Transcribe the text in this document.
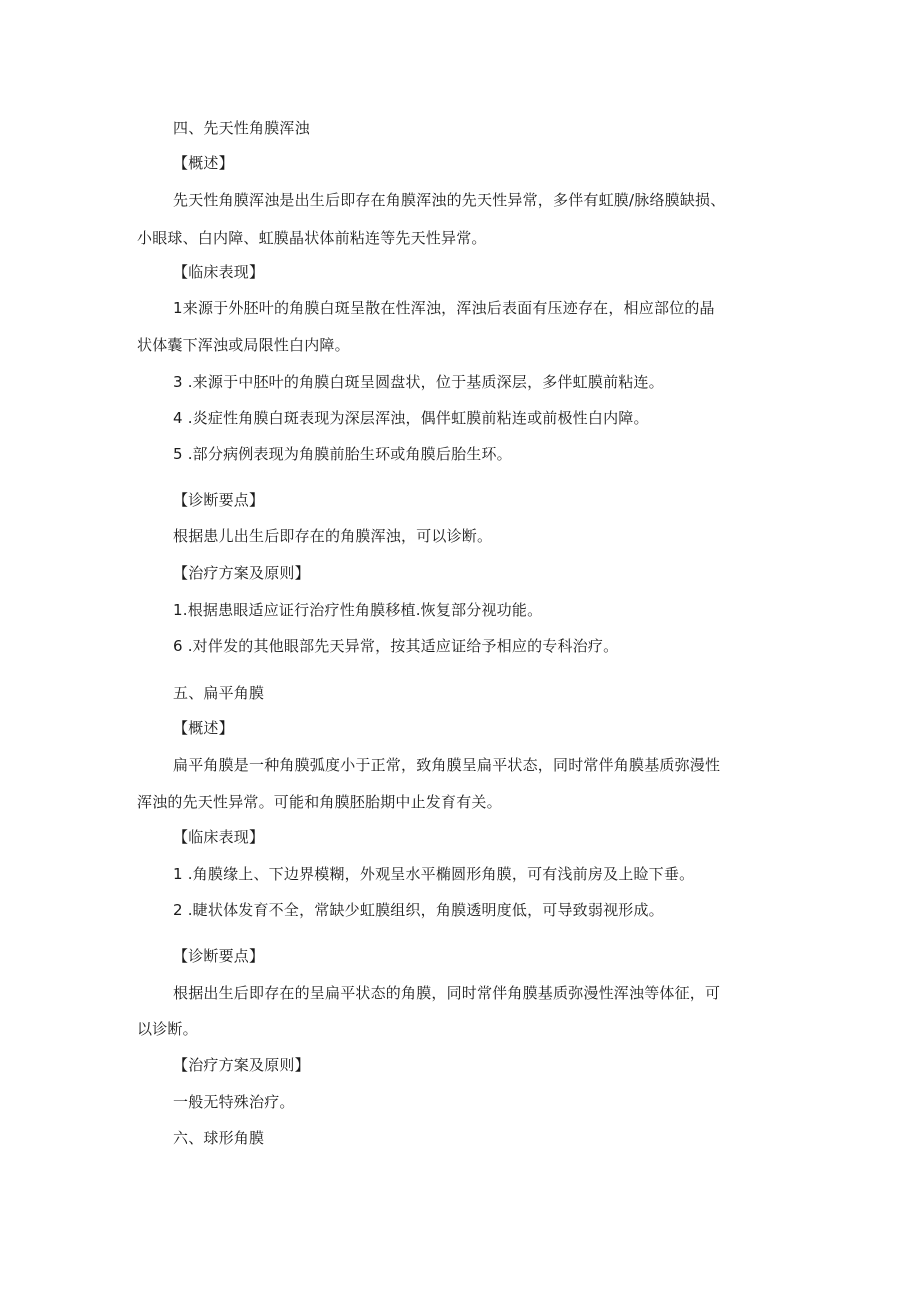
四、先天性角膜浑浊

【概述】

先天性角膜浑浊是出生后即存在角膜浑浊的先天性异常，多伴有虹膜/脉络膜缺损、

小眼球、白内障、虹膜晶状体前粘连等先天性异常。

【临床表现】

1来源于外胚叶的角膜白斑呈散在性浑浊，浑浊后表面有压迹存在，相应部位的晶

状体囊下浑浊或局限性白内障。

3 .来源于中胚叶的角膜白斑呈圆盘状，位于基质深层，多伴虹膜前粘连。

4 .炎症性角膜白斑表现为深层浑浊，偶伴虹膜前粘连或前极性白内障。

5 .部分病例表现为角膜前胎生环或角膜后胎生环。

【诊断要点】

根据患儿出生后即存在的角膜浑浊，可以诊断。

【治疗方案及原则】

1.根据患眼适应证行治疗性角膜移植.恢复部分视功能。

6 .对伴发的其他眼部先天异常，按其适应证给予相应的专科治疗。

五、扁平角膜

【概述】

扁平角膜是一种角膜弧度小于正常，致角膜呈扁平状态，同时常伴角膜基质弥漫性

浑浊的先天性异常。可能和角膜胚胎期中止发育有关。

【临床表现】

1 .角膜缘上、下边界模糊，外观呈水平椭圆形角膜，可有浅前房及上睑下垂。

2 .睫状体发育不全，常缺少虹膜组织，角膜透明度低，可导致弱视形成。

【诊断要点】

根据出生后即存在的呈扁平状态的角膜，同时常伴角膜基质弥漫性浑浊等体征，可

以诊断。

【治疗方案及原则】

一般无特殊治疗。

六、球形角膜
